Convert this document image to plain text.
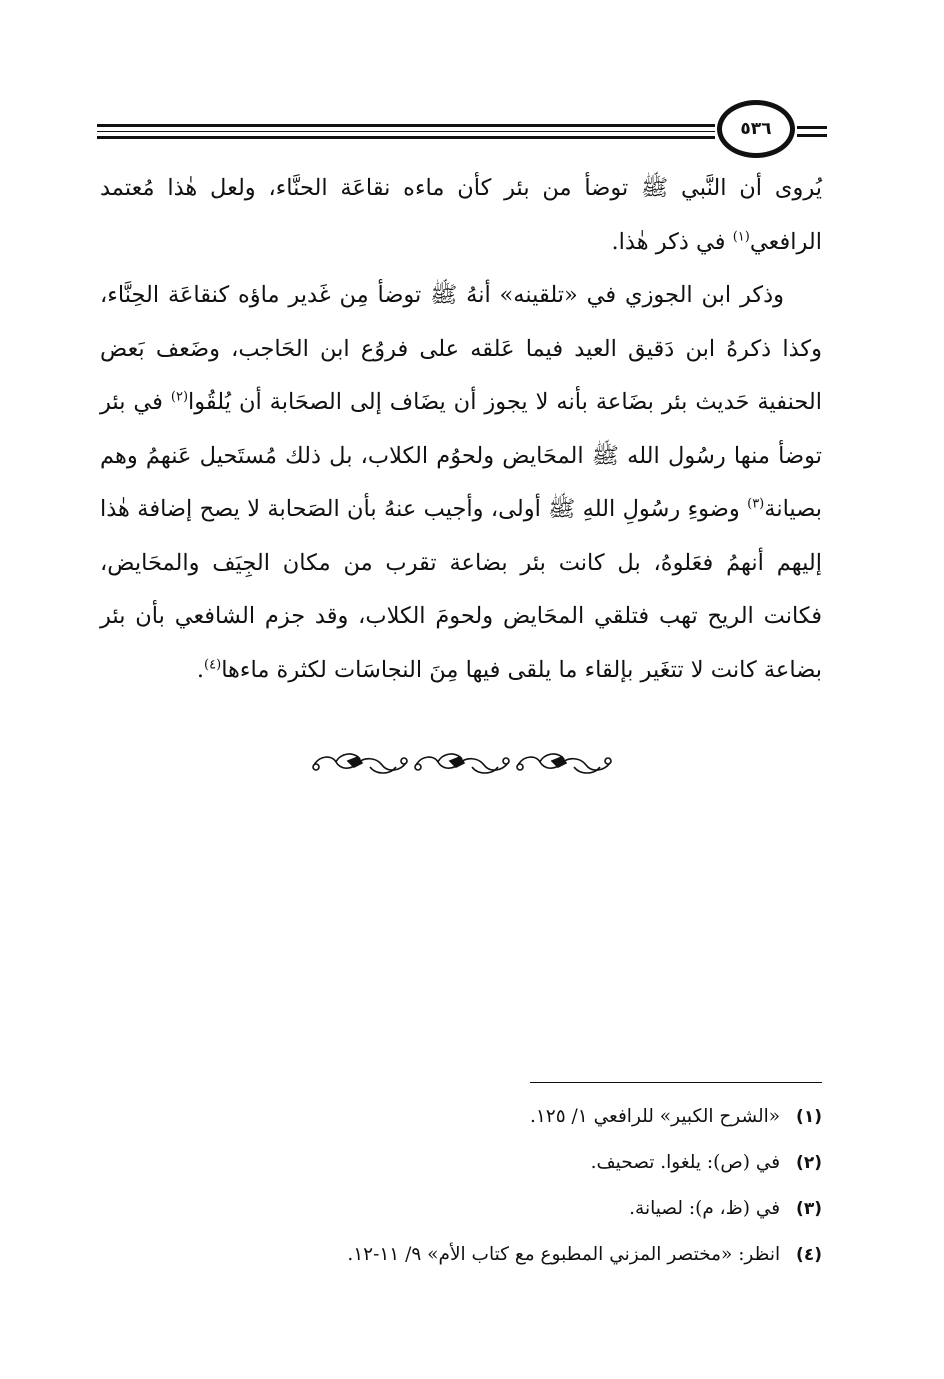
٥٣٦

يُروى أن النَّبي ﷺ توضأ من بئر كأن ماءه نقاعَة الحنَّاء، ولعل هٰذا مُعتمد الرافعي$^{(١)}$ في ذكر هٰذا.

وذكر ابن الجوزي في «تلقينه» أنهُ ﷺ توضأ مِن غَدير ماؤه كنقاعَة الحِنَّاء، وكذا ذكرهُ ابن دَقيق العيد فيما عَلقه على فروُع ابن الحَاجب، وضَعف بَعض الحنفية حَديث بئر بضَاعة بأنه لا يجوز أن يضَاف إلى الصحَابة أن يُلقُوا$^{(٢)}$ في بئر توضأ منها رسُول الله ﷺ المحَايض ولحوُم الكلاب، بل ذلك مُستَحيل عَنهمُ وهم بصيانة$^{(٣)}$ وضوءِ رسُولِ اللهِ ﷺ أولى، وأجيب عنهُ بأن الصَحابة لا يصح إضافة هٰذا إليهم أنهمُ فعَلوهُ، بل كانت بئر بضاعة تقرب من مكان الجِيَف والمحَايض، فكانت الريح تهب فتلقي المحَايض ولحومَ الكلاب، وقد جزم الشافعي بأن بئر بضاعة كانت لا تتغَير بإلقاء ما يلقى فيها مِنَ النجاسَات لكثرة ماءها$^{(٤)}$.

(١) «الشرح الكبير» للرافعي ١/ ١٢٥.

(٢) في (ص): يلغوا. تصحيف.

(٣) في (ظ، م): لصيانة.

(٤) انظر: «مختصر المزني المطبوع مع كتاب الأم» ٩/ ١١-١٢.
